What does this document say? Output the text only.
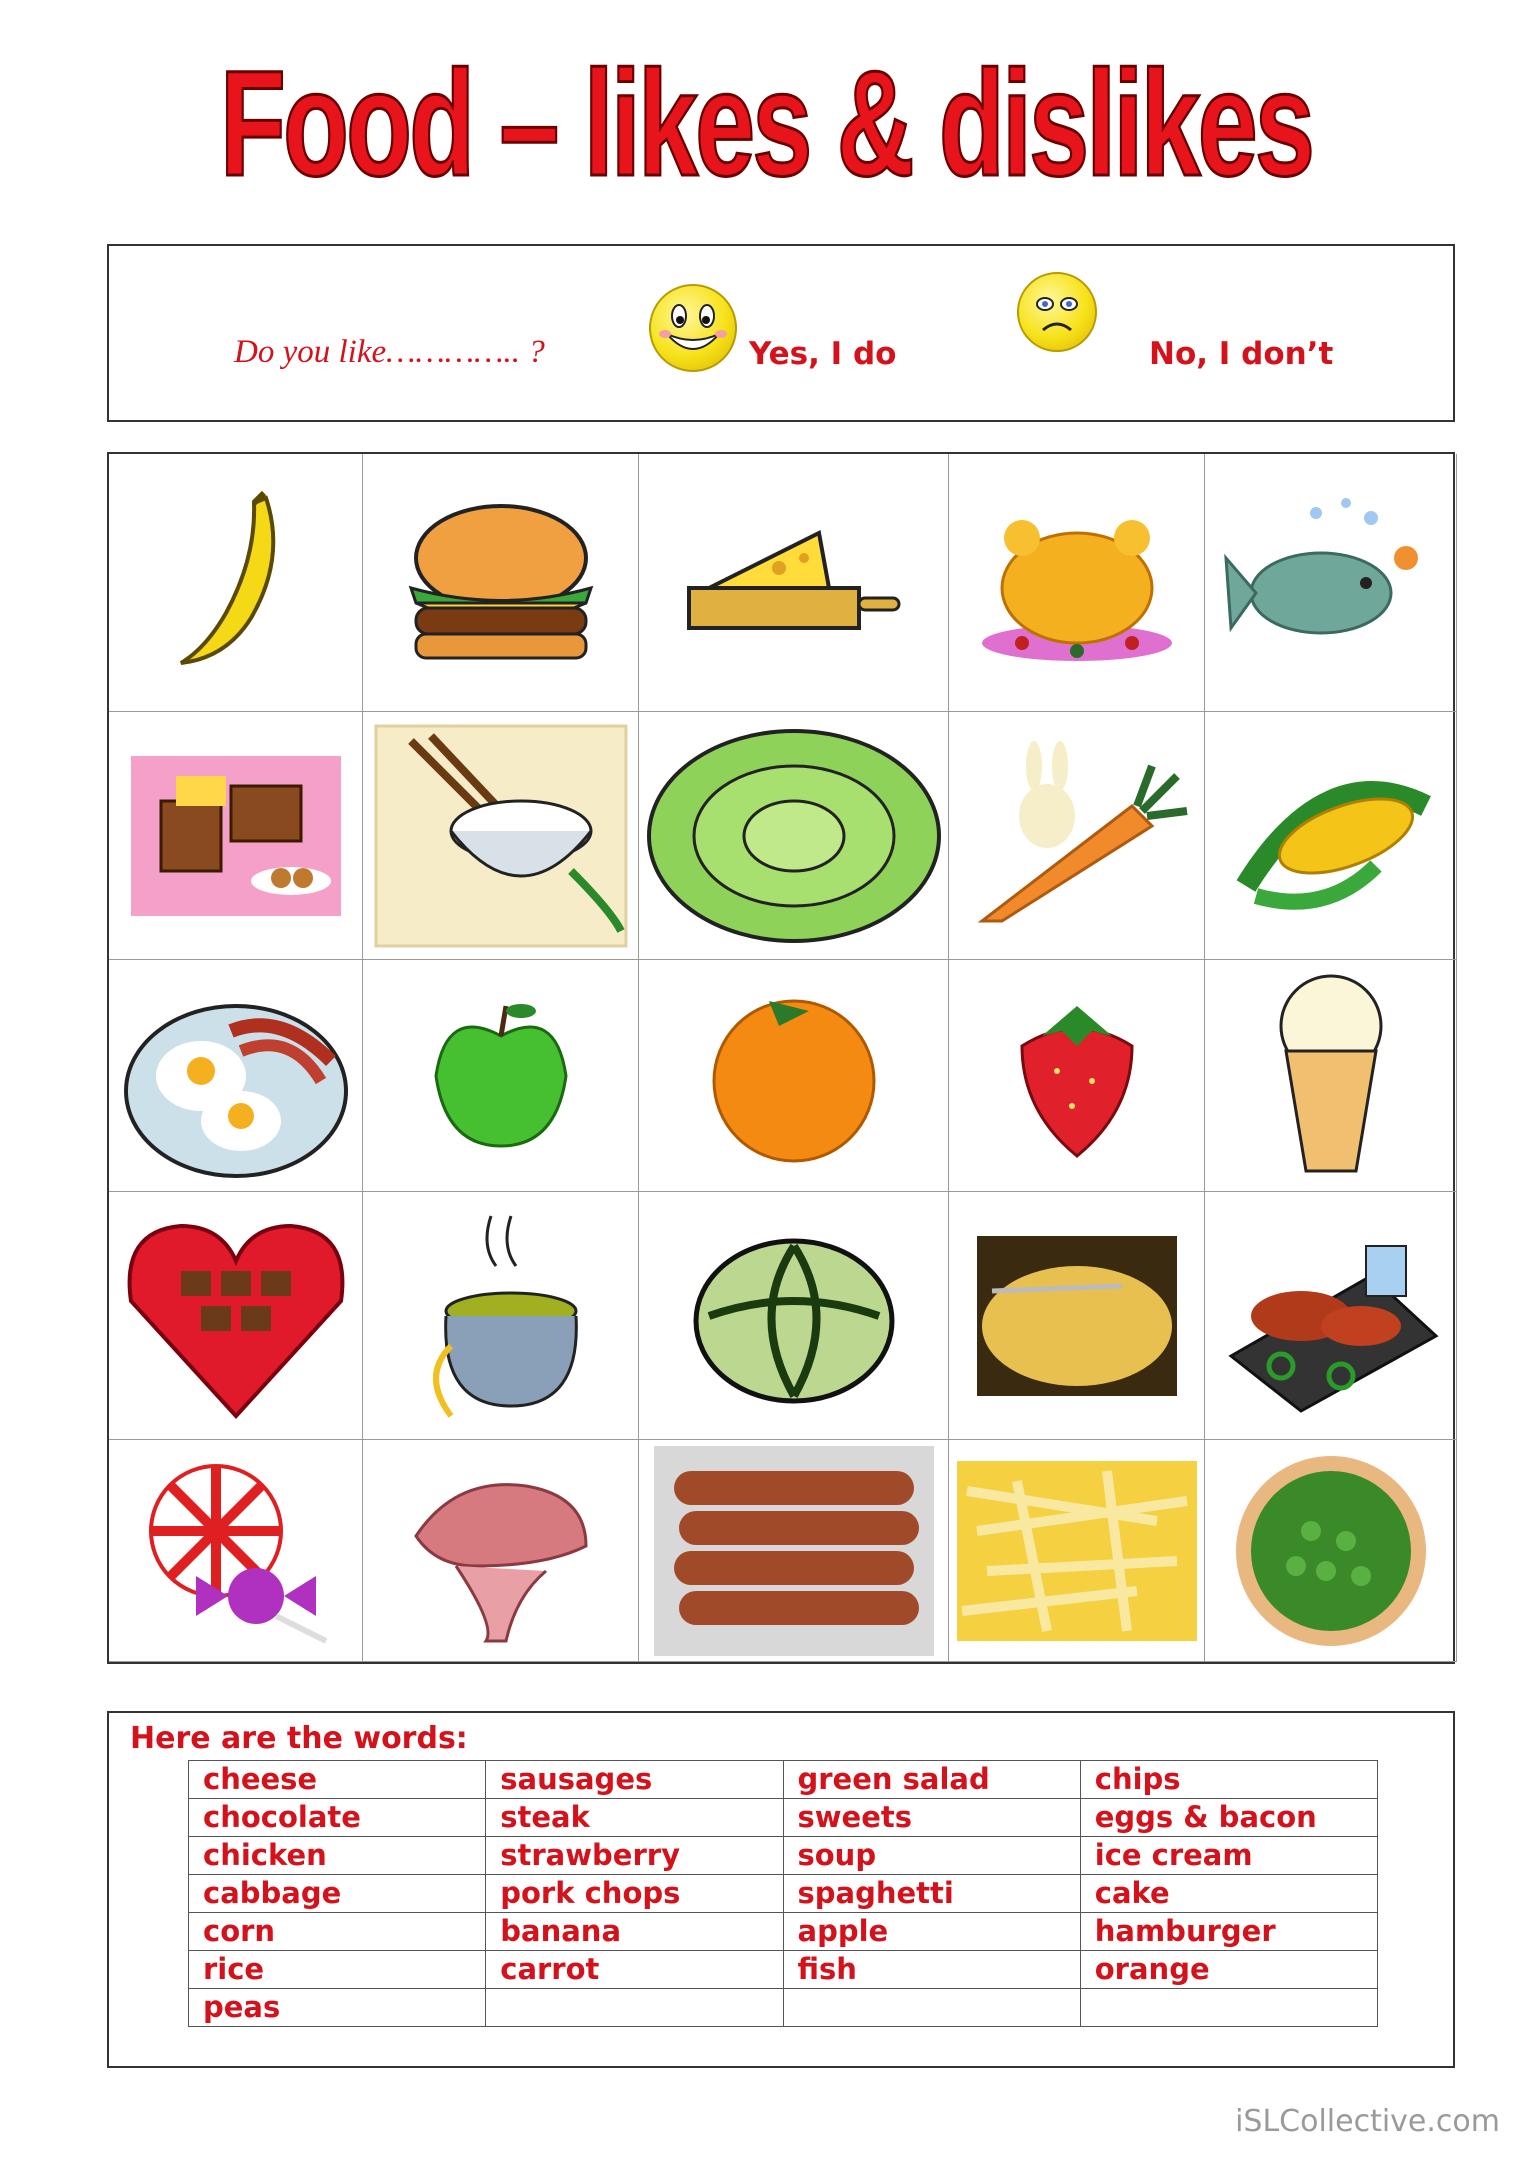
Food – likes & dislikes
Do you like………….. ?	Yes, I do	No, I don’t
Here are the words:
cheese	sausages	green salad	chips
chocolate	steak	sweets	eggs & bacon
chicken	strawberry	soup	ice cream
cabbage	pork chops	spaghetti	cake
corn	banana	apple	hamburger
rice	carrot	fish	orange
peas			
iSLCollective.com
